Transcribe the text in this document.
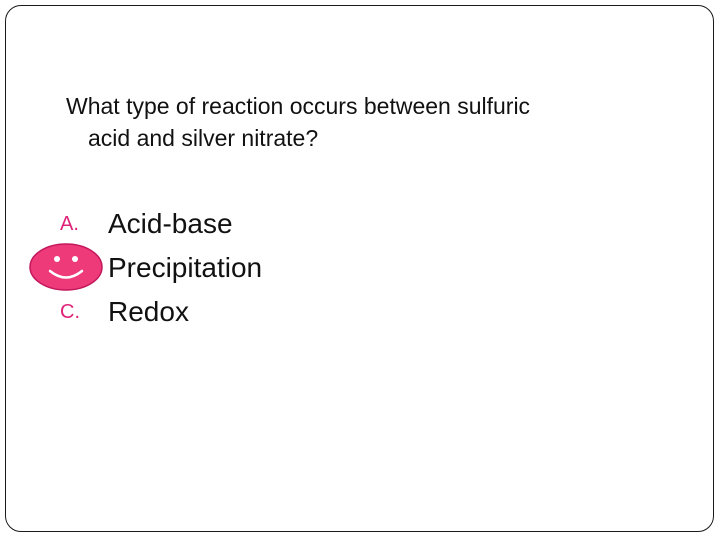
What type of reaction occurs between sulfuric
acid and silver nitrate?
A.	Acid-base
Precipitation
C.	Redox
